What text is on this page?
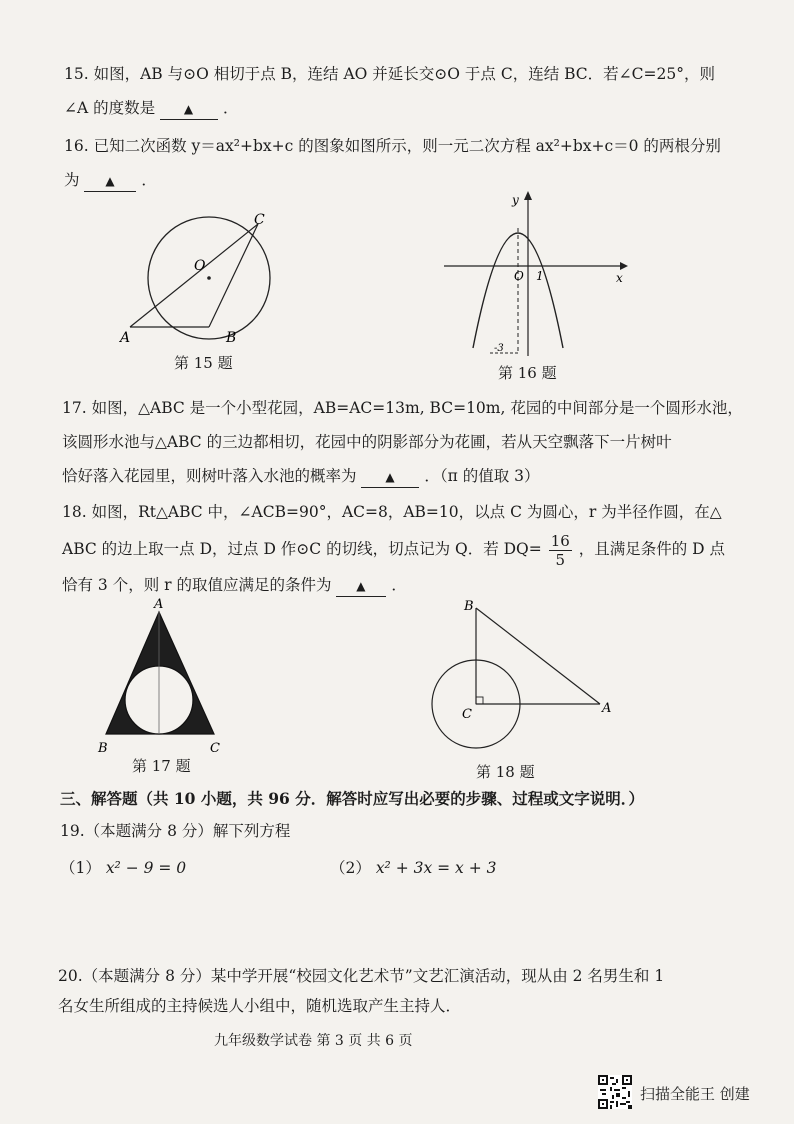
15. 如图，AB 与⊙O 相切于点 B，连结 AO 并延长交⊙O 于点 C，连结 BC．若∠C=25°，则
∠A 的度数是 ▲ ．
16. 已知二次函数 y＝ax²+bx+c 的图象如图所示，则一元二次方程 ax²+bx+c＝0 的两根分别
为 ▲ ．
A	B
C
O
第 15 题
y
x
O 1
-3
第 16 题
17. 如图，△ABC 是一个小型花园，AB=AC=13m, BC=10m, 花园的中间部分是一个圆形水池，
该圆形水池与△ABC 的三边都相切，花园中的阴影部分为花圃，若从天空飘落下一片树叶
恰好落入花园里，则树叶落入水池的概率为 ▲ ．（π 的值取 3）
18. 如图，Rt△ABC 中，∠ACB=90°，AC=8，AB=10，以点 C 为圆心，r 为半径作圆，在△
ABC 的边上取一点 D，过点 D 作⊙C 的切线，切点记为 Q．若 $DQ= \frac{16}{5}$ ，且满足条件的 D 点
恰有 3 个，则 r 的取值应满足的条件为 ▲ ．
A
B	C
第 17 题
B
C	A
第 18 题
三、解答题（共 10 小题，共 96 分．解答时应写出必要的步骤、过程或文字说明．）
19.（本题满分 8 分）解下列方程
（1） x² − 9 = 0	（2） x² + 3x = x + 3
20.（本题满分 8 分）某中学开展“校园文化艺术节”文艺汇演活动，现从由 2 名男生和 1
名女生所组成的主持候选人小组中，随机选取产生主持人．
九年级数学试卷 第 3 页 共 6 页
扫描全能王 创建
